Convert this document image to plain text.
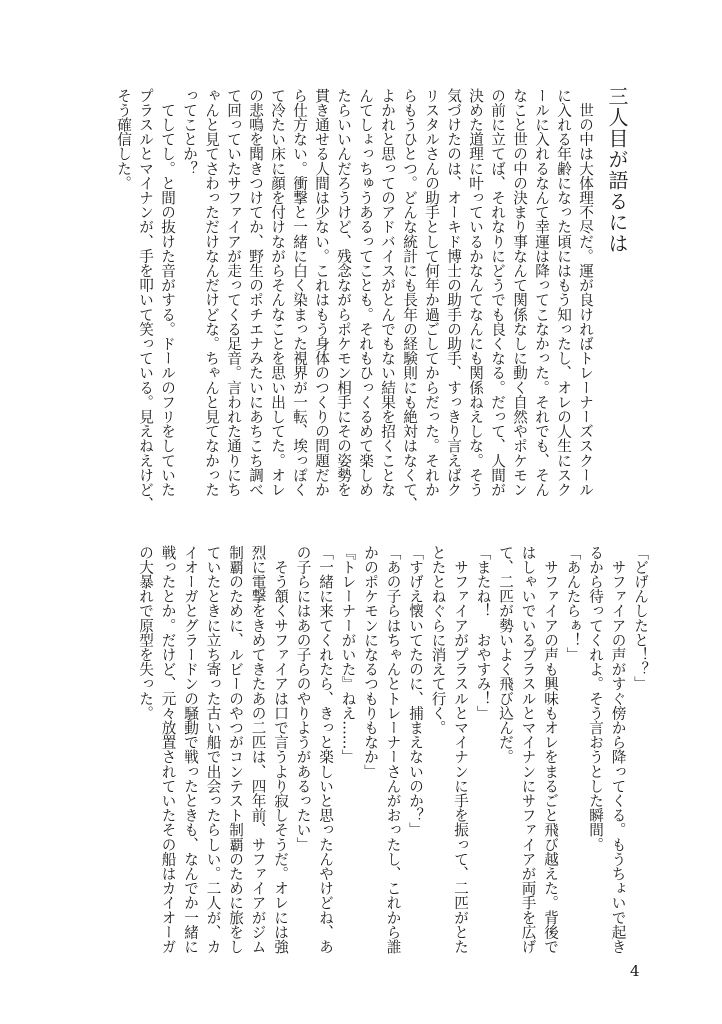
三人目が語るには
　世の中は大体理不尽だ。運が良ければトレーナーズスクール
に入れる年齢になった頃にはもう知ったし、オレの人生にスク
ールに入れるなんて幸運は降ってこなかった。それでも、そん
なこと世の中の決まり事なんて関係なしに動く自然やポケモン
の前に立てば、それなりにどうでも良くなる。だって、人間が
決めた道理に叶っているかなんてなんにも関係ねえしな。そう
気づけたのは、オーキド博士の助手の助手、すっきり言えばク
リスタルさんの助手として何年か過ごしてからだった。それか
らもうひとつ。どんな統計にも長年の経験則にも絶対はなくて、
よかれと思ってのアドバイスがとんでもない結果を招くことな
んてしょっちゅうあるってことも。それもひっくるめて楽しめ
たらいいんだろうけど、残念ながらポケモン相手にその姿勢を
貫き通せる人間は少ない。これはもう身体のつくりの問題だか
ら仕方ない。衝撃と一緒に白く染まった視界が一転、埃っぽく
て冷たい床に顔を付けながらそんなことを思い出してた。オレ
の悲鳴を聞きつけてか、野生のポチエナみたいにあちこち調べ
て回っていたサファイアが走ってくる足音。言われた通りにち
ゃんと見てさわっただけなんだけどな。ちゃんと見てなかった
ってことか？
　てしてし。と間の抜けた音がする。ドールのフリをしていた
プラスルとマイナンが、手を叩いて笑っている。見えねえけど、
そう確信した。
「どげんしたと！？」
　サファイアの声がすぐ傍から降ってくる。もうちょいで起き
るから待ってくれよ。そう言おうとした瞬間。
「あんたらぁ！」
　サファイアの声も興味もオレをまるごと飛び越えた。背後で
はしゃいでいるプラスルとマイナンにサファイアが両手を広げ
て、二匹が勢いよく飛び込んだ。
「またね！　おやすみ！」
　サファイアがプラスルとマイナンに手を振って、二匹がとた
とたとねぐらに消えて行く。
「すげえ懐いてたのに、捕まえないのか？」
「あの子らはちゃんとトレーナーさんがおったし、これから誰
かのポケモンになるつもりもなか」
『トレーナーがいた』ねえ……」
「一緒に来てくれたら、きっと楽しいと思ったんやけどね、あ
の子らにはあの子らのやりようがあるったい」
　そう頷くサファイアは口で言うより寂しそうだ。オレには強
烈に電撃をきめてきたあの二匹は、四年前、サファイアがジム
制覇のために、ルビーのやつがコンテスト制覇のために旅をし
ていたときに立ち寄った古い船で出会ったらしい。二人が、カ
イオーガとグラードンの騒動で戦ったときも、なんでか一緒に
戦ったとか。だけど、元々放置されていたその船はカイオーガ
の大暴れで原型を失った。
4
